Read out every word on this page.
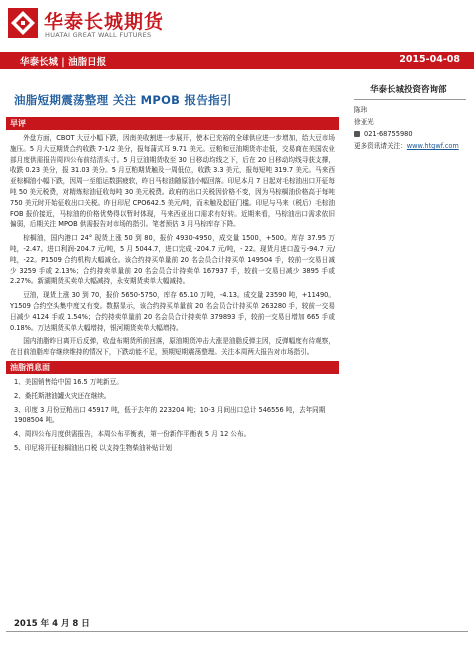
华泰长城期货
HUATAI GREAT WALL FUTURES
华泰长城 | 油脂日报	2015-04-08
油脂短期震荡整理 关注 MPOB 报告指引
早评

外盘方面，CBOT 大豆小幅下跌，因南美收割进一步展开，使本已充裕的全球供应进一步增加，给大豆市场施压。5 月大豆期货合约收跌 7-1/2 美分，报每蒲式耳 9.71 美元。豆粕和豆油期货亦走低，交易商在美国农业部月度供需报告周四公布前结清头寸。5 月豆油期货收至 30 日移动均线之下，后在 20 日移动均线寻获支撑，收跌 0.23 美分，报 31.03 美分。5 月豆粕期货触及一周低位，收跌 3.3 美元，报每短吨 319.7 美元。马来西亚棕榈油小幅下跌，因周一至船运数据疲软，昨日马棕油随原油小幅回落。印尼本月 7 日起对毛棕油出口开征每吨 50 美元税费，对精炼棕油征收每吨 30 美元税费。政府的出口关税因价格不变，因为马棕榈油价格高于每吨 750 美元时开始征收出口关税。昨日印尼 CPO642.5 美元/吨，而未触及起征门槛。印尼与马来（税后）毛棕油 FOB 报价接近，马棕油的价格优势得以暂时体现，马来西亚出口需求有好转。近期来看，马棕油出口需求依旧偏弱，后期关注 MPOB 供需报告对市场的指引。笔者预估 3 月马棕库存下降。

棕榈油，国内港口 24° 现货上涨 50 到 80，报价 4930-4950，成交量 1500，+500。库存 37.95 万吨，-2.47。进口利润-204.7 元/吨，5 月 5044.7，进口完成 -204.7 元/吨，- 22。现货月进口盈亏-94.7 元/吨，-22。P1509 合约机构大幅减仓。该合约持买单量前 20 名会员合计持买单 149504 手，较前一交易日减少 3259 手或 2.13%；合约持卖单量前 20 名会员合计持卖单 167937 手，较前一交易日减少 3895 手或 2.27%。新湖期货买卖单大幅减持，永安期货卖单大幅减持。

豆油，现货上涨 30 到 70，报价 5650-5750，库存 65.10 万吨，-4.13。成交量 23590 吨，+11490。Y1509 合约空头集中度又有变。数据显示，该合约持买单量前 20 名会员合计持买单 263280 手，较前一交易日减少 4124 手或 1.54%；合约持卖单量前 20 名会员合计持卖单 379893 手，较前一交易日增加 665 手或 0.18%。万达期货买单大幅增持，银河期货卖单大幅增持。

国内油脂昨日离开后反弹，收盘布期货所前回落，原油期货冲击大涨是油脂反弹主因，反弹幅度有待观察，在目前油脂库存继续维持的情况下，下跌动能不足，预期短期震荡整理。关注本周两大报告对市场指引。

油脂消息面

1、美国销售给中国 16.5 万吨新豆。

2、桑托斯港油罐火灾还在继续。

3、印度 3 月份豆粕出口 45917 吨，低于去年的 223204 吨；10-3 月间出口总计 546556 吨，去年同期 1908504 吨。

4、周四公布月度供需报告，本周公布平衡表，第一份新作平衡表 5 月 12 公布。

5、印尼将开征棕榈油出口税 以支持生物柴油补贴计划

华泰长城投资咨询部
陈玮
徐亚光
021-68755980
更多资讯请关注：www.htgwf.com
2015 年 4 月 8 日
